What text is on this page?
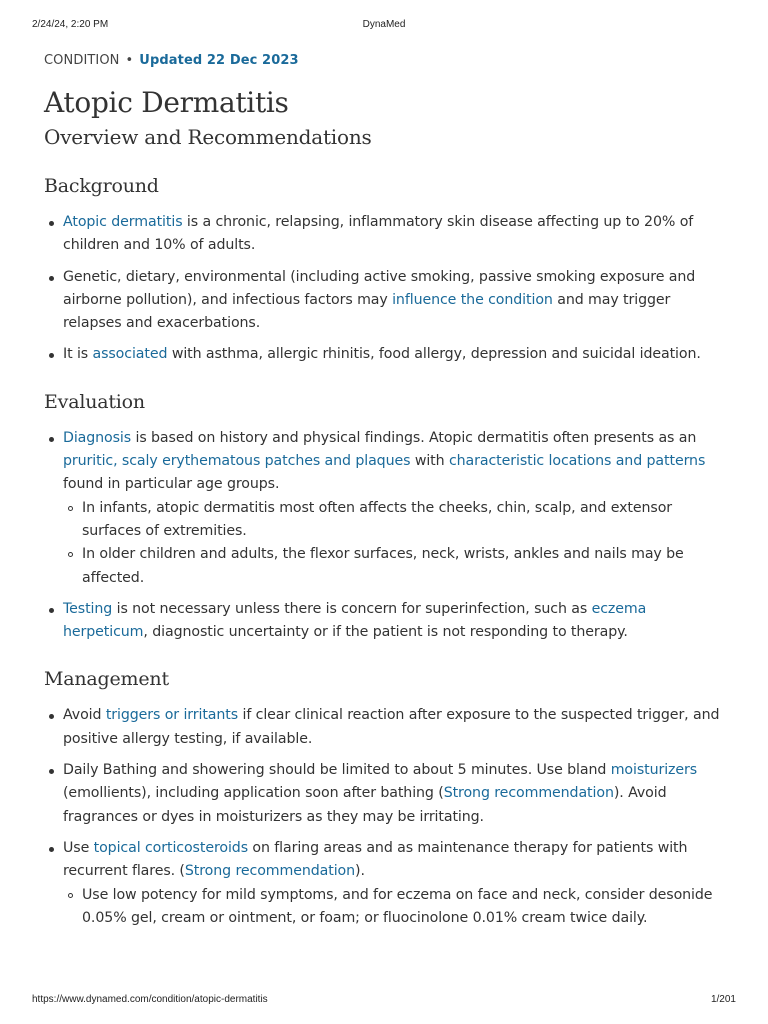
2/24/24, 2:20 PM	DynaMed
CONDITION • Updated 22 Dec 2023
Atopic Dermatitis
Overview and Recommendations
Background
Atopic dermatitis is a chronic, relapsing, inflammatory skin disease affecting up to 20% of children and 10% of adults.
Genetic, dietary, environmental (including active smoking, passive smoking exposure and airborne pollution), and infectious factors may influence the condition and may trigger relapses and exacerbations.
It is associated with asthma, allergic rhinitis, food allergy, depression and suicidal ideation.
Evaluation
Diagnosis is based on history and physical findings. Atopic dermatitis often presents as an pruritic, scaly erythematous patches and plaques with characteristic locations and patterns found in particular age groups.
In infants, atopic dermatitis most often affects the cheeks, chin, scalp, and extensor surfaces of extremities.
In older children and adults, the flexor surfaces, neck, wrists, ankles and nails may be affected.
Testing is not necessary unless there is concern for superinfection, such as eczema herpeticum, diagnostic uncertainty or if the patient is not responding to therapy.
Management
Avoid triggers or irritants if clear clinical reaction after exposure to the suspected trigger, and positive allergy testing, if available.
Daily Bathing and showering should be limited to about 5 minutes. Use bland moisturizers (emollients), including application soon after bathing (Strong recommendation). Avoid fragrances or dyes in moisturizers as they may be irritating.
Use topical corticosteroids on flaring areas and as maintenance therapy for patients with recurrent flares. (Strong recommendation).
Use low potency for mild symptoms, and for eczema on face and neck, consider desonide 0.05% gel, cream or ointment, or foam; or fluocinolone 0.01% cream twice daily.
https://www.dynamed.com/condition/atopic-dermatitis	1/201
